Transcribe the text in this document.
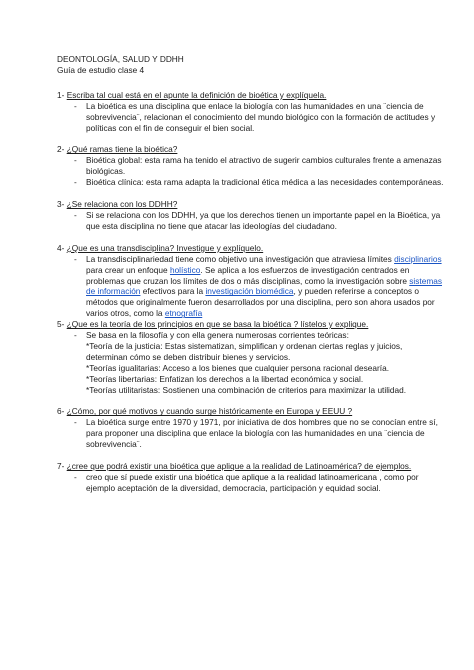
DEONTOLOGÍA, SALUD Y DDHH

Guía de estudio clase 4

1- Escriba tal cual está en el apunte la definición de bioética y explíquela.

- La bioética es una disciplina que enlace la biología con las humanidades en una ¨ciencia de sobrevivencia¨, relacionan el conocimiento del mundo biológico con la formación de actitudes y políticas con el fin de conseguir el bien social.

2- ¿Qué ramas tiene la bioética?

- Bioética global: esta rama ha tenido el atractivo de sugerir cambios culturales frente a amenazas biológicas.
- Bioética clínica: esta rama adapta la tradicional ética médica a las necesidades contemporáneas.

3- ¿Se relaciona con los DDHH?

- Si se relaciona con los DDHH, ya que los derechos tienen un importante papel en la Bioética, ya que esta disciplina no tiene que atacar las ideologías del ciudadano.

4- ¿Que es una transdisciplina? Investigue y explíquelo.

- La transdisciplinariedad tiene como objetivo una investigación que atraviesa límites disciplinarios para crear un enfoque holístico. Se aplica a los esfuerzos de investigación centrados en problemas que cruzan los límites de dos o más disciplinas, como la investigación sobre sistemas de información efectivos para la investigación biomédica, y pueden referirse a conceptos o métodos que originalmente fueron desarrollados por una disciplina, pero son ahora usados por varios otros, como la etnografía

5- ¿Que es la teoría de los principios en que se basa la bioética ? lístelos y explique.

- Se basa en la filosofía y con ella genera numerosas corrientes teóricas:

*Teoría de la justicia: Estas sistematizan, simplifican y ordenan ciertas reglas y juicios, determinan cómo se deben distribuir bienes y servicios.

*Teorías igualitarias: Acceso a los bienes que cualquier persona racional desearía.

*Teorías libertarias: Enfatizan los derechos a la libertad económica y social.

*Teorías utilitaristas: Sostienen una combinación de criterios para maximizar la utilidad.

6- ¿Cómo, por qué motivos y cuando surge históricamente en Europa y EEUU ?

- La bioética surge entre 1970 y 1971, por iniciativa de dos hombres que no se conocían entre sí, para proponer una disciplina que enlace la biología con las humanidades en una ¨ciencia de sobrevivencia¨.

7- ¿cree que podrá existir una bioética que aplique a la realidad de Latinoamérica? de ejemplos.

- creo que sí puede existir una bioética que aplique a la realidad latinoamericana , como por ejemplo aceptación de la diversidad, democracia, participación y equidad social.
